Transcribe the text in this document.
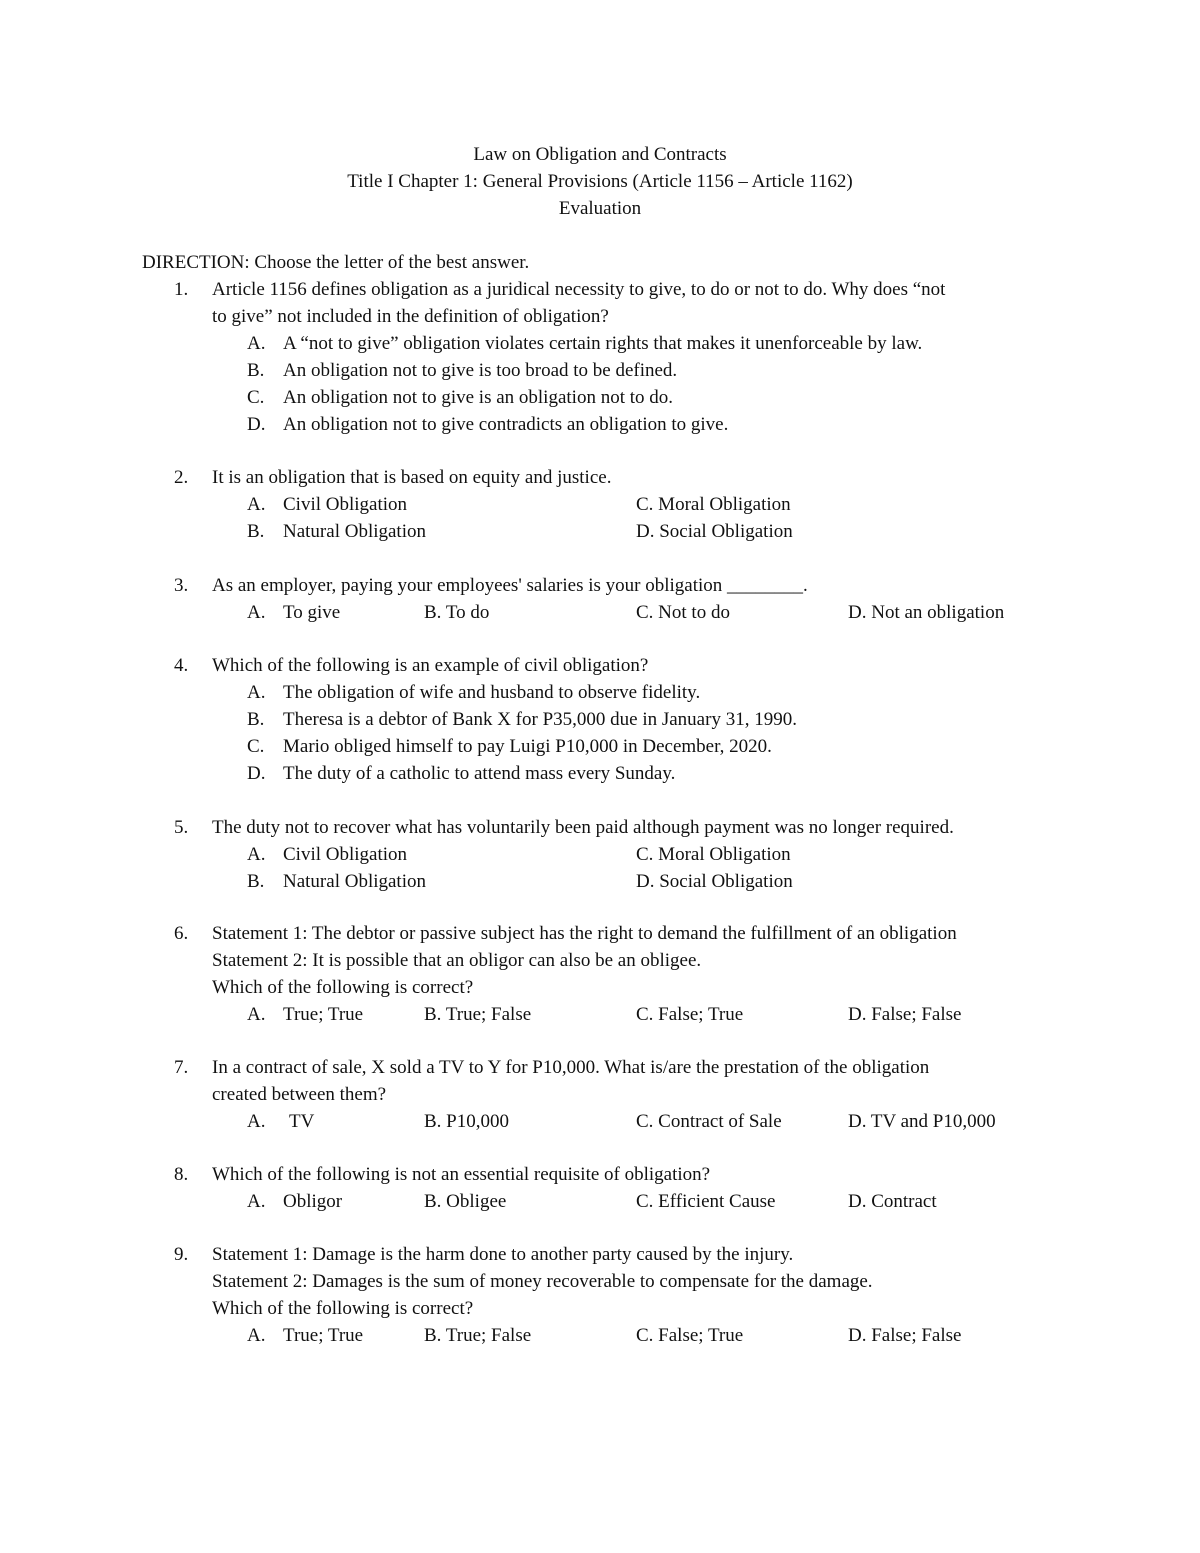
Law on Obligation and Contracts
Title I Chapter 1: General Provisions (Article 1156 – Article 1162)
Evaluation
DIRECTION: Choose the letter of the best answer.
1. Article 1156 defines obligation as a juridical necessity to give, to do or not to do. Why does “not
to give” not included in the definition of obligation?
A. A “not to give” obligation violates certain rights that makes it unenforceable by law.
B. An obligation not to give is too broad to be defined.
C. An obligation not to give is an obligation not to do.
D. An obligation not to give contradicts an obligation to give.
2. It is an obligation that is based on equity and justice.
A. Civil Obligation	C. Moral Obligation
B. Natural Obligation	D. Social Obligation
3. As an employer, paying your employees' salaries is your obligation ________.
A. To give	B. To do	C. Not to do	D. Not an obligation
4. Which of the following is an example of civil obligation?
A. The obligation of wife and husband to observe fidelity.
B. Theresa is a debtor of Bank X for P35,000 due in January 31, 1990.
C. Mario obliged himself to pay Luigi P10,000 in December, 2020.
D. The duty of a catholic to attend mass every Sunday.
5. The duty not to recover what has voluntarily been paid although payment was no longer required.
A. Civil Obligation	C. Moral Obligation
B. Natural Obligation	D. Social Obligation
6. Statement 1: The debtor or passive subject has the right to demand the fulfillment of an obligation
Statement 2: It is possible that an obligor can also be an obligee.
Which of the following is correct?
A. True; True	B. True; False	C. False; True	D. False; False
7. In a contract of sale, X sold a TV to Y for P10,000. What is/are the prestation of the obligation
created between them?
A. TV	B. P10,000	C. Contract of Sale	D. TV and P10,000
8. Which of the following is not an essential requisite of obligation?
A. Obligor	B. Obligee	C. Efficient Cause	D. Contract
9. Statement 1: Damage is the harm done to another party caused by the injury.
Statement 2: Damages is the sum of money recoverable to compensate for the damage.
Which of the following is correct?
A. True; True	B. True; False	C. False; True	D. False; False
